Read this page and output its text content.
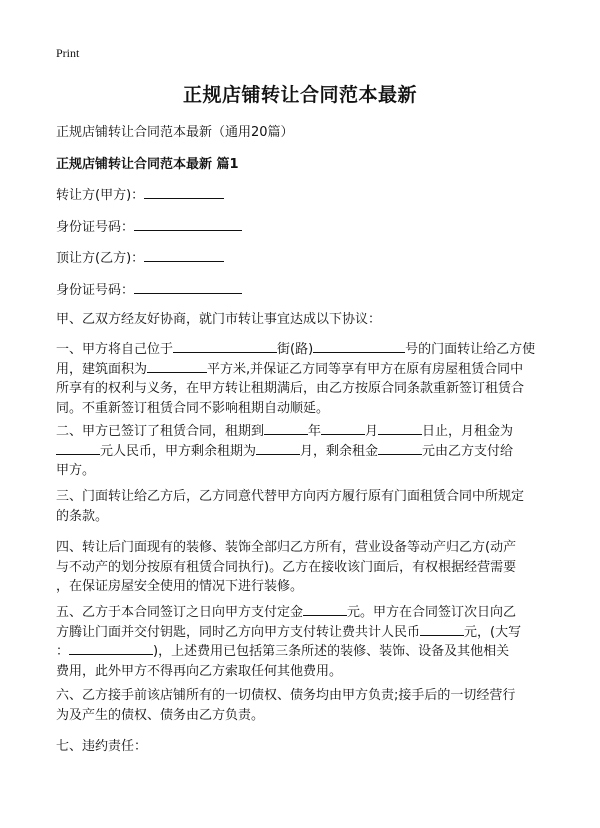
Print
正规店铺转让合同范本最新
正规店铺转让合同范本最新（通用20篇）
正规店铺转让合同范本最新 篇1
转让方(甲方)：
身份证号码：
顶让方(乙方)：
身份证号码：
甲、乙双方经友好协商，就门市转让事宜达成以下协议：
一、甲方将自己位于	街(路)	号的门面转让给乙方使
用，建筑面积为	平方米,并保证乙方同等享有甲方在原有房屋租赁合同中
所享有的权利与义务，在甲方转让租期满后，由乙方按原合同条款重新签订租赁合
同。不重新签订租赁合同不影响租期自动顺延。
二、甲方已签订了租赁合同，租期到	年	月	日止，月租金为
元人民币，甲方剩余租期为	月，剩余租金	元由乙方支付给
甲方。
三、门面转让给乙方后，乙方同意代替甲方向丙方履行原有门面租赁合同中所规定
的条款。
四、转让后门面现有的装修、装饰全部归乙方所有，营业设备等动产归乙方(动产
与不动产的划分按原有租赁合同执行)。乙方在接收该门面后，有权根据经营需要
，在保证房屋安全使用的情况下进行装修。
五、乙方于本合同签订之日向甲方支付定金	元。甲方在合同签订次日向乙
方腾让门面并交付钥匙，同时乙方向甲方支付转让费共计人民币	元，(大写
：	)，上述费用已包括第三条所述的装修、装饰、设备及其他相关
费用，此外甲方不得再向乙方索取任何其他费用。
六、乙方接手前该店铺所有的一切债权、债务均由甲方负责;接手后的一切经营行
为及产生的债权、债务由乙方负责。
七、违约责任：
